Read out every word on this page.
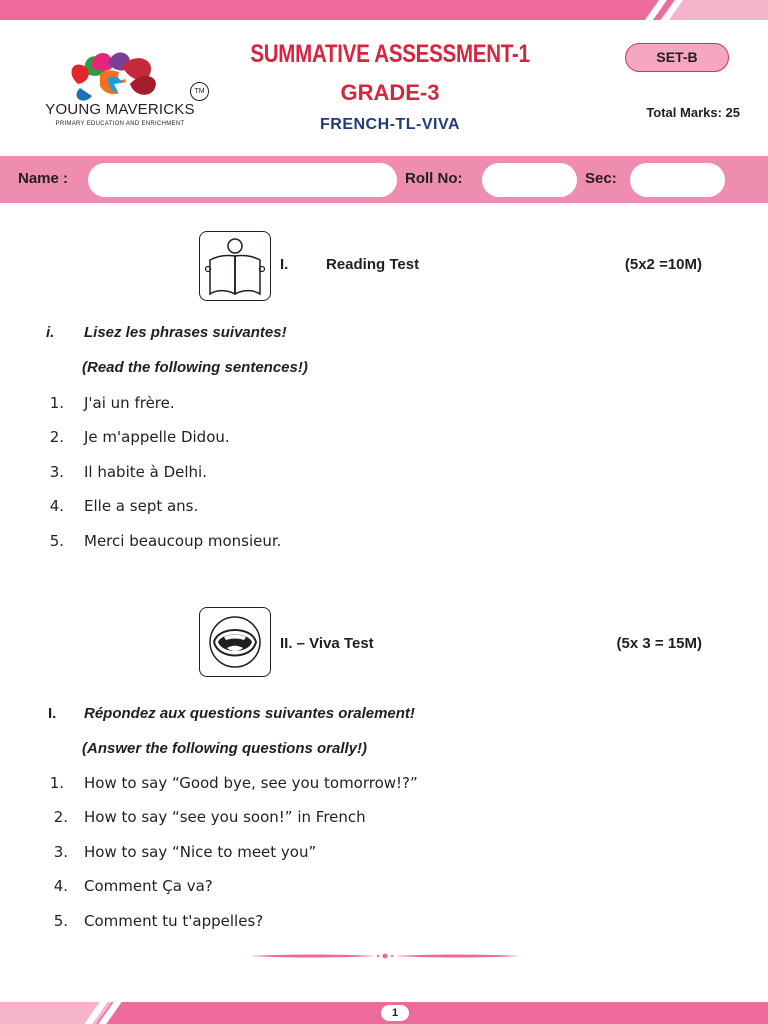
TM
YOUNG MAVERICKS
PRIMARY EDUCATION AND ENRICHMENT
SUMMATIVE ASSESSMENT-1
GRADE-3
FRENCH-TL-VIVA
SET-B
Total Marks: 25
Name :	Roll No:	Sec:
I.	Reading Test	(5x2 =10M)
i. Lisez les phrases suivantes!
(Read the following sentences!)
1. J'ai un frère.
2. Je m'appelle Didou.
3. Il habite à Delhi.
4. Elle a sept ans.
5. Merci beaucoup monsieur.
II. – Viva Test	(5x 3 = 15M)
I. Répondez aux questions suivantes oralement!
(Answer the following questions orally!)
1. How to say “Good bye, see you tomorrow!?”
2. How to say “see you soon!” in French
3. How to say “Nice to meet you”
4. Comment Ça va?
5. Comment tu t'appelles?
1
